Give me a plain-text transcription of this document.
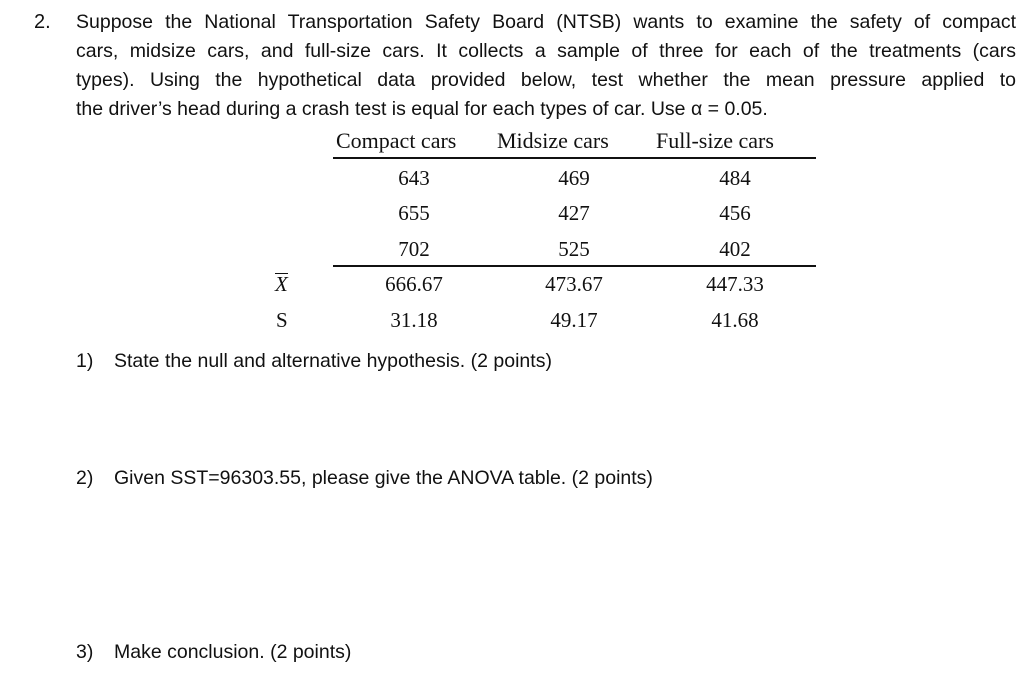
2. Suppose the National Transportation Safety Board (NTSB) wants to examine the safety of compact
cars, midsize cars, and full-size cars. It collects a sample of three for each of the treatments (cars
types). Using the hypothetical data provided below, test whether the mean pressure applied to
the driver’s head during a crash test is equal for each types of car. Use α = 0.05.
Compact cars Midsize cars Full-size cars
643	469	484
655	427	456
702	525	402
X	666.67	473.67	447.33
S	31.18	49.17	41.68
1) State the null and alternative hypothesis. (2 points)
2) Given SST=96303.55, please give the ANOVA table. (2 points)
3) Make conclusion. (2 points)
